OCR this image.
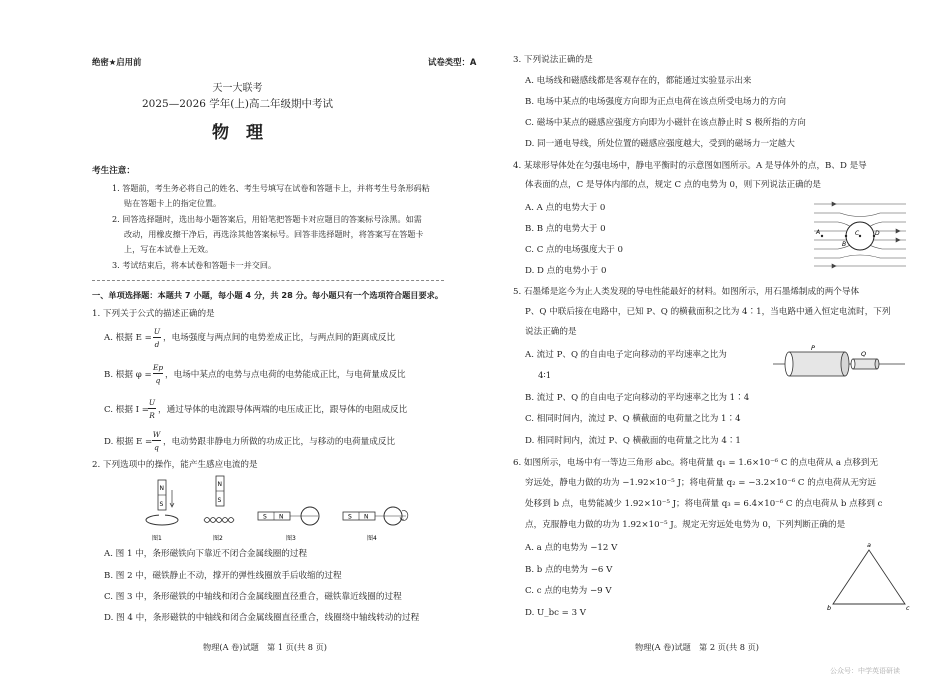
绝密★启用前	试卷类型：A
天一大联考
2025—2026 学年(上)高二年级期中考试
物　理
考生注意：
1. 答题前，考生务必将自己的姓名、考生号填写在试卷和答题卡上，并将考生号条形码粘
贴在答题卡上的指定位置。
2. 回答选择题时，选出每小题答案后，用铅笔把答题卡对应题目的答案标号涂黑。如需
改动，用橡皮擦干净后，再选涂其他答案标号。回答非选择题时，将答案写在答题卡
上，写在本试卷上无效。
3. 考试结束后，将本试卷和答题卡一并交回。
一、单项选择题：本题共 7 小题，每小题 4 分，共 28 分。每小题只有一个选项符合题目要求。
1. 下列关于公式的描述正确的是
A. 根据 E =
U
d
，电场强度与两点间的电势差成正比，与两点间的距离成反比
B. 根据 φ =
Ep
q
，电场中某点的电势与点电荷的电势能成正比，与电荷量成反比
C. 根据 I =
U
R
，通过导体的电流跟导体两端的电压成正比，跟导体的电阻成反比
D. 根据 E =
W
q
，电动势跟非静电力所做的功成正比，与移动的电荷量成反比
2. 下列选项中的操作，能产生感应电流的是
N
S
图1
N
S
图2
S N
图3
S N
图4
A. 图 1 中，条形磁铁向下靠近不闭合金属线圈的过程
B. 图 2 中，磁铁静止不动，撑开的弹性线圈放手后收缩的过程
C. 图 3 中，条形磁铁的中轴线和闭合金属线圈直径重合，磁铁靠近线圈的过程
D. 图 4 中，条形磁铁的中轴线和闭合金属线圈直径重合，线圈绕中轴线转动的过程
物理(A 卷)试题　第 1 页(共 8 页)
3. 下列说法正确的是
A. 电场线和磁感线都是客观存在的，都能通过实验显示出来
B. 电场中某点的电场强度方向即为正点电荷在该点所受电场力的方向
C. 磁场中某点的磁感应强度方向即为小磁针在该点静止时 S 极所指的方向
D. 同一通电导线，所处位置的磁感应强度越大，受到的磁场力一定越大
4. 某球形导体处在匀强电场中，静电平衡时的示意图如图所示。A 是导体外的点，B、D 是导
体表面的点，C 是导体内部的点，规定 C 点的电势为 0，则下列说法正确的是
A. A 点的电势大于 0
B. B 点的电势大于 0
C. C 点的电场强度大于 0
D. D 点的电势小于 0
A
B
C	D
5. 石墨烯是迄今为止人类发现的导电性能最好的材料。如图所示，用石墨烯制成的两个导体
P、Q 中联后接在电路中，已知 P、Q 的横截面积之比为 4∶1，当电路中通入恒定电流时，下列
说法正确的是
A. 流过 P、Q 的自由电子定向移动的平均速率之比为
4∶1
B. 流过 P、Q 的自由电子定向移动的平均速率之比为 1∶4
C. 相同时间内，流过 P、Q 横截面的电荷量之比为 1∶4
D. 相同时间内，流过 P、Q 横截面的电荷量之比为 4∶1
P
Q
6. 如图所示，电场中有一等边三角形 abc。将电荷量 q₁ = 1.6×10⁻⁶ C 的点电荷从 a 点移到无
穷远处，静电力做的功为 −1.92×10⁻⁵ J；将电荷量 q₂ = −3.2×10⁻⁶ C 的点电荷从无穷远
处移到 b 点，电势能减少 1.92×10⁻⁵ J；将电荷量 q₃ = 6.4×10⁻⁶ C 的点电荷从 b 点移到 c
点，克服静电力做的功为 1.92×10⁻⁵ J。规定无穷远处电势为 0，下列判断正确的是
A. a 点的电势为 −12 V
B. b 点的电势为 −6 V
C. c 点的电势为 −9 V
D. U_bc = 3 V
a
b	c
物理(A 卷)试题　第 2 页(共 8 页)
公众号：中学英语研读
